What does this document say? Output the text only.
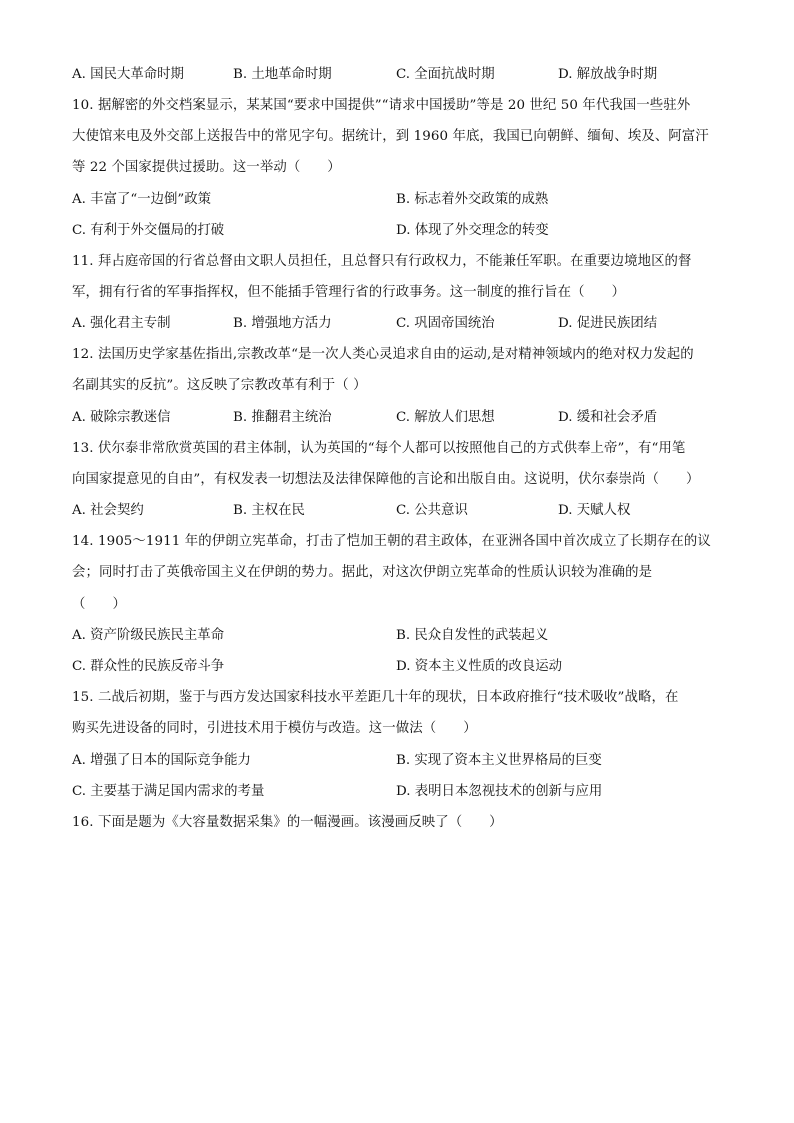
A. 国民大革命时期	B. 土地革命时期	C. 全面抗战时期	D. 解放战争时期
10. 据解密的外交档案显示，某某国“要求中国提供”“请求中国援助”等是 20 世纪 50 年代我国一些驻外
大使馆来电及外交部上送报告中的常见字句。据统计，到 1960 年底，我国已向朝鲜、缅甸、埃及、阿富汗
等 22 个国家提供过援助。这一举动（　　）
A. 丰富了“一边倒”政策	B. 标志着外交政策的成熟
C. 有利于外交僵局的打破	D. 体现了外交理念的转变
11. 拜占庭帝国的行省总督由文职人员担任，且总督只有行政权力，不能兼任军职。在重要边境地区的督
军，拥有行省的军事指挥权，但不能插手管理行省的行政事务。这一制度的推行旨在（　　）
A. 强化君主专制	B. 增强地方活力	C. 巩固帝国统治	D. 促进民族团结
12. 法国历史学家基佐指出,宗教改革“是一次人类心灵追求自由的运动,是对精神领域内的绝对权力发起的
名副其实的反抗”。这反映了宗教改革有利于（ ）
A. 破除宗教迷信	B. 推翻君主统治	C. 解放人们思想	D. 缓和社会矛盾
13. 伏尔泰非常欣赏英国的君主体制，认为英国的“每个人都可以按照他自己的方式供奉上帝”，有“用笔
向国家提意见的自由”，有权发表一切想法及法律保障他的言论和出版自由。这说明，伏尔泰崇尚（　　）
A. 社会契约	B. 主权在民	C. 公共意识	D. 天赋人权
14. 1905～1911 年的伊朗立宪革命，打击了恺加王朝的君主政体，在亚洲各国中首次成立了长期存在的议
会；同时打击了英俄帝国主义在伊朗的势力。据此，对这次伊朗立宪革命的性质认识较为准确的是
（　　）
A. 资产阶级民族民主革命	B. 民众自发性的武装起义
C. 群众性的民族反帝斗争	D. 资本主义性质的改良运动
15. 二战后初期，鉴于与西方发达国家科技水平差距几十年的现状，日本政府推行“技术吸收”战略，在
购买先进设备的同时，引进技术用于模仿与改造。这一做法（　　）
A. 增强了日本的国际竞争能力	B. 实现了资本主义世界格局的巨变
C. 主要基于满足国内需求的考量	D. 表明日本忽视技术的创新与应用
16. 下面是题为《大容量数据采集》的一幅漫画。该漫画反映了（　　）
